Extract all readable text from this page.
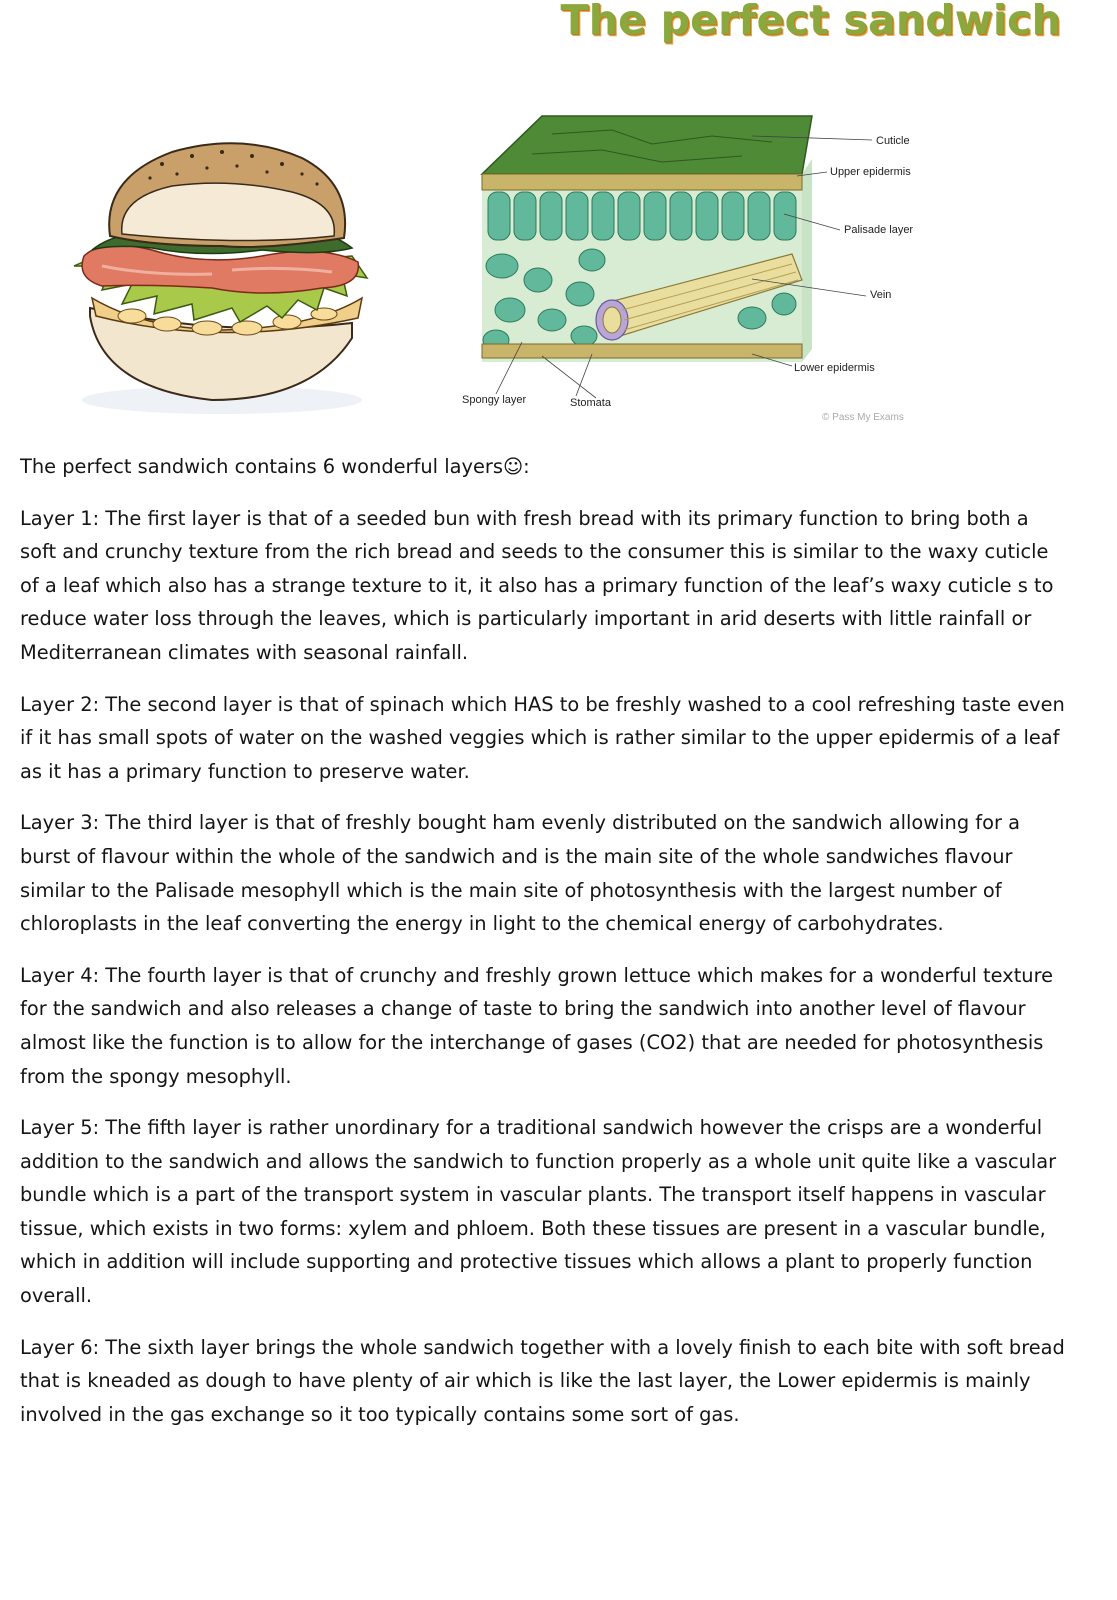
The perfect sandwich
Cuticle
Upper epidermis
Palisade layer
Vein
Lower epidermis
Spongy layer	Stomata
© Pass My Exams

The perfect sandwich contains 6 wonderful layers☺:

Layer 1: The first layer is that of a seeded bun with fresh bread with its primary function to bring both a soft and crunchy texture from the rich bread and seeds to the consumer this is similar to the waxy cuticle of a leaf which also has a strange texture to it, it also has a primary function of the leaf’s waxy cuticle s to reduce water loss through the leaves, which is particularly important in arid deserts with little rainfall or Mediterranean climates with seasonal rainfall.

Layer 2: The second layer is that of spinach which HAS to be freshly washed to a cool refreshing taste even if it has small spots of water on the washed veggies which is rather similar to the upper epidermis of a leaf as it has a primary function to preserve water.

Layer 3: The third layer is that of freshly bought ham evenly distributed on the sandwich allowing for a burst of flavour within the whole of the sandwich and is the main site of the whole sandwiches flavour similar to the Palisade mesophyll which is the main site of photosynthesis with the largest number of chloroplasts in the leaf converting the energy in light to the chemical energy of carbohydrates.

Layer 4: The fourth layer is that of crunchy and freshly grown lettuce which makes for a wonderful texture for the sandwich and also releases a change of taste to bring the sandwich into another level of flavour almost like the function is to allow for the interchange of gases (CO2) that are needed for photosynthesis from the spongy mesophyll.

Layer 5: The fifth layer is rather unordinary for a traditional sandwich however the crisps are a wonderful addition to the sandwich and allows the sandwich to function properly as a whole unit quite like a vascular bundle which is a part of the transport system in vascular plants. The transport itself happens in vascular tissue, which exists in two forms: xylem and phloem. Both these tissues are present in a vascular bundle, which in addition will include supporting and protective tissues which allows a plant to properly function overall.

Layer 6: The sixth layer brings the whole sandwich together with a lovely finish to each bite with soft bread that is kneaded as dough to have plenty of air which is like the last layer, the Lower epidermis is mainly involved in the gas exchange so it too typically contains some sort of gas.
